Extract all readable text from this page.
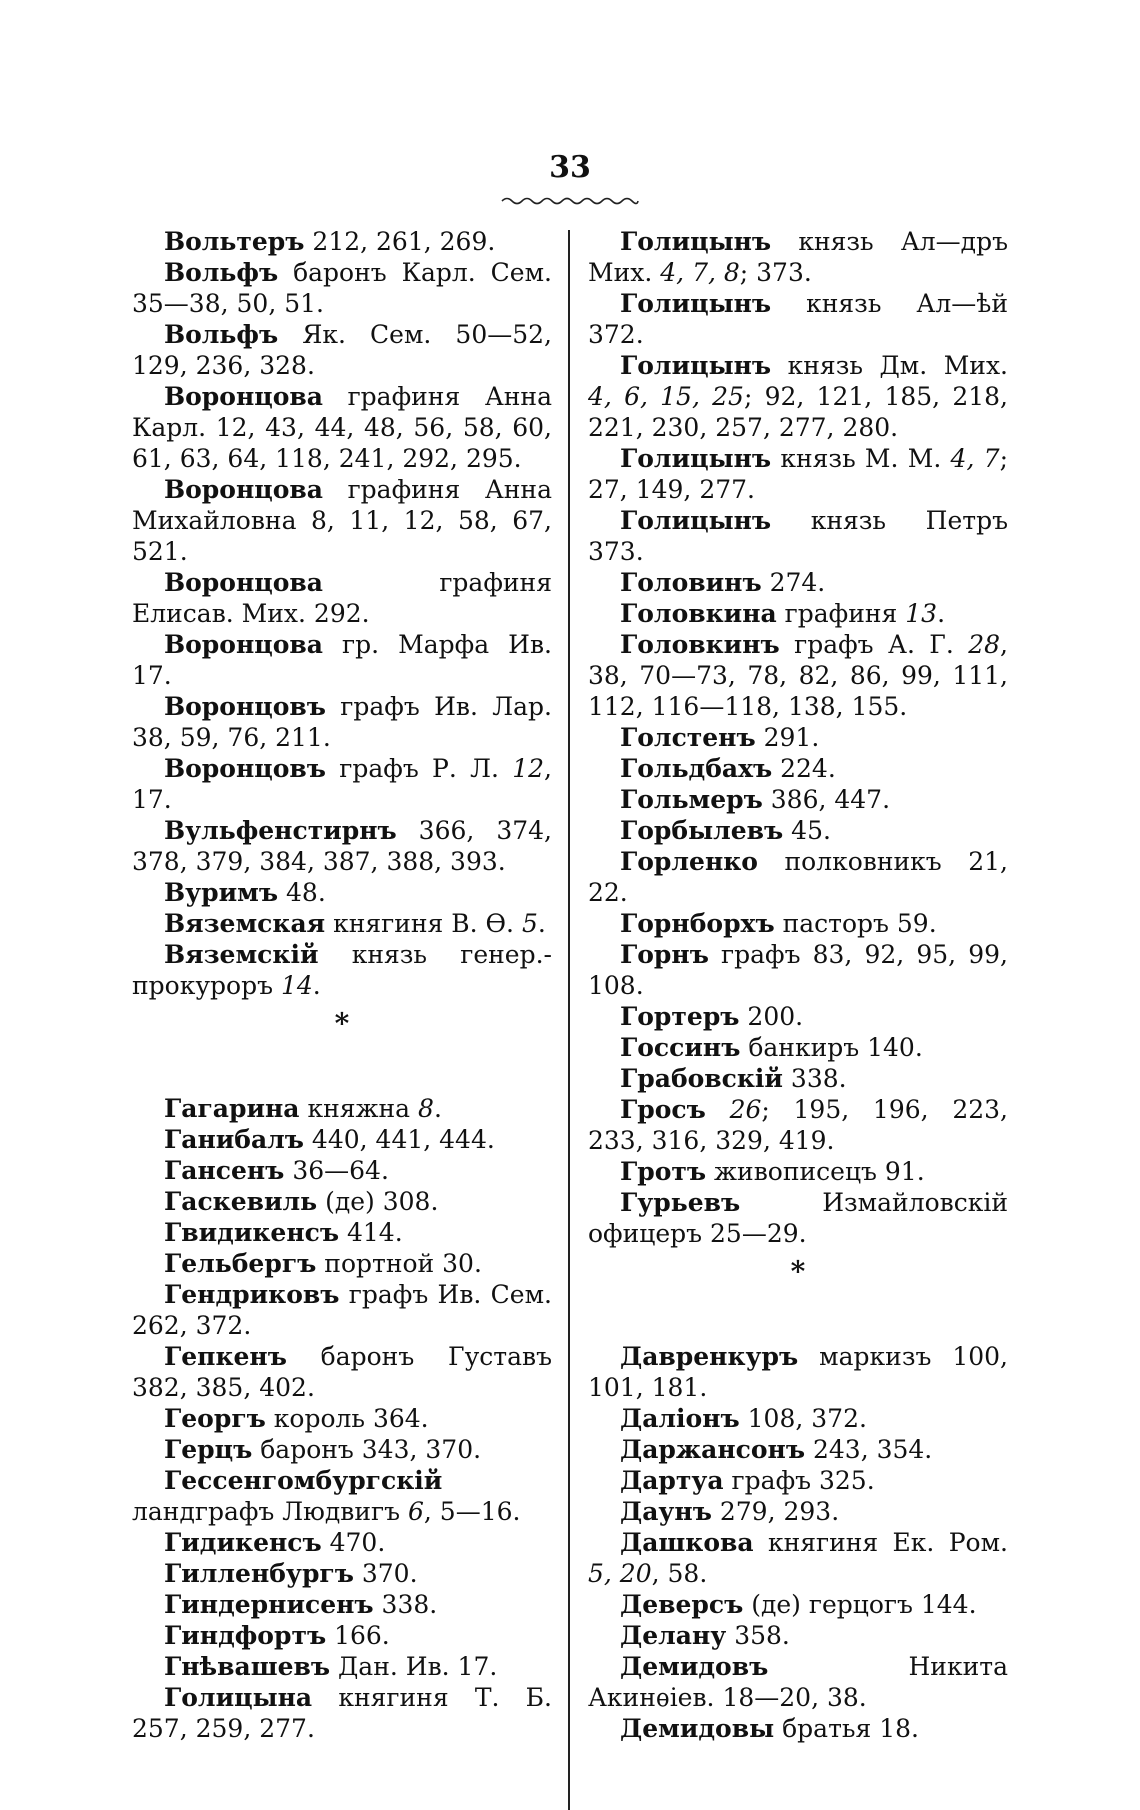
33

Вольтеръ 212, 261, 269.

Вольфъ баронъ Карл. Сем. 35—38, 50, 51.

Вольфъ Як. Сем. 50—52, 129, 236, 328.

Воронцова графиня Анна Карл. 12, 43, 44, 48, 56, 58, 60, 61, 63, 64, 118, 241, 292, 295.

Воронцова графиня Анна Михайловна 8, 11, 12, 58, 67, 521.

Воронцова графиня Елисав. Мих. 292.

Воронцова гр. Марфа Ив. 17.

Воронцовъ графъ Ив. Лар. 38, 59, 76, 211.

Воронцовъ графъ Р. Л. 12, 17.

Вульфенстирнъ 366, 374, 378, 379, 384, 387, 388, 393.

Вуримъ 48.

Вяземская княгиня В. Ѳ. 5.

Вяземскій князь генер.-прокуроръ 14.

*

Гагарина княжна 8.

Ганибалъ 440, 441, 444.

Гансенъ 36—64.

Гаскевиль (де) 308.

Гвидикенсъ 414.

Гельбергъ портной 30.

Гендриковъ графъ Ив. Сем. 262, 372.

Гепкенъ баронъ Густавъ 382, 385, 402.

Георгъ король 364.

Герцъ баронъ 343, 370.

Гессенгомбургскій ландграфъ Людвигъ 6, 5—16.

Гидикенсъ 470.

Гилленбургъ 370.

Гиндернисенъ 338.

Гиндфортъ 166.

Гнѣвашевъ Дан. Ив. 17.

Голицына княгиня Т. Б. 257, 259, 277.

Голицынъ князь Ал—дръ Мих. 4, 7, 8; 373.

Голицынъ князь Ал—ѣй 372.

Голицынъ князь Дм. Мих. 4, 6, 15, 25; 92, 121, 185, 218, 221, 230, 257, 277, 280.

Голицынъ князь М. М. 4, 7; 27, 149, 277.

Голицынъ князь Петръ 373.

Головинъ 274.

Головкина графиня 13.

Головкинъ графъ А. Г. 28, 38, 70—73, 78, 82, 86, 99, 111, 112, 116—118, 138, 155.

Голстенъ 291.

Гольдбахъ 224.

Гольмеръ 386, 447.

Горбылевъ 45.

Горленко полковникъ 21, 22.

Горнборхъ пасторъ 59.

Горнъ графъ 83, 92, 95, 99, 108.

Гортеръ 200.

Госсинъ банкиръ 140.

Грабовскій 338.

Гросъ 26; 195, 196, 223, 233, 316, 329, 419.

Гротъ живописецъ 91.

Гурьевъ Измайловскій офицеръ 25—29.

*

Давренкуръ маркизъ 100, 101, 181.

Даліонъ 108, 372.

Даржансонъ 243, 354.

Дартуа графъ 325.

Даунъ 279, 293.

Дашкова княгиня Ек. Ром. 5, 20, 58.

Деверсъ (де) герцогъ 144.

Делану 358.

Демидовъ Никита Акинѳіев. 18—20, 38.

Демидовы братья 18.
